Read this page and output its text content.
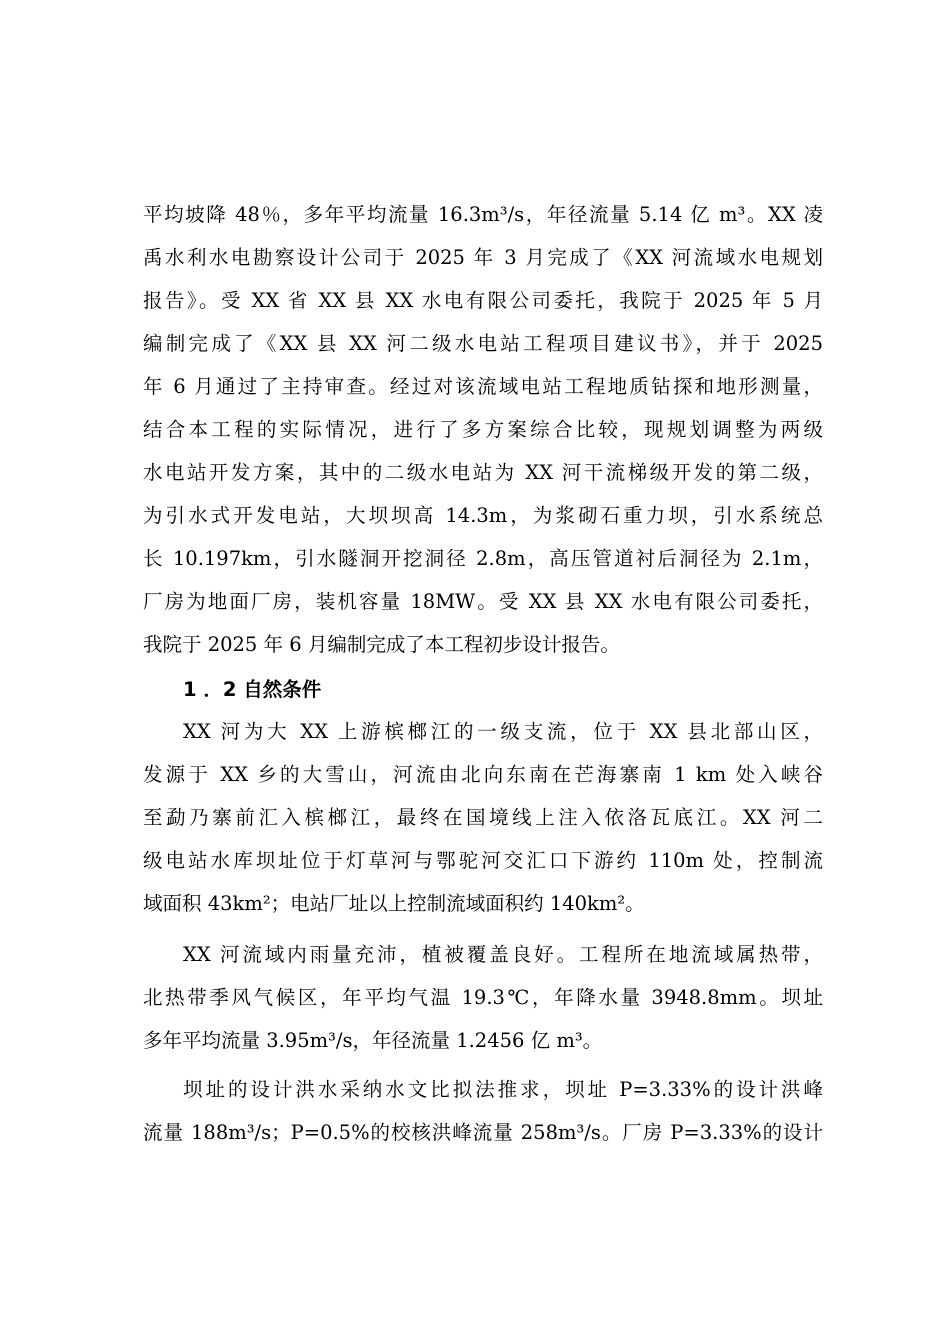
平均坡降 48％，多年平均流量 16.3m³/s，年径流量 5.14 亿 m³。XX 凌
禹水利水电勘察设计公司于 2025 年 3 月完成了《XX 河流域水电规划
报告》。受 XX 省 XX 县 XX 水电有限公司委托，我院于 2025 年 5 月
编制完成了《XX 县 XX 河二级水电站工程项目建议书》，并于 2025
年 6 月通过了主持审查。经过对该流域电站工程地质钻探和地形测量，
结合本工程的实际情况，进行了多方案综合比较，现规划调整为两级
水电站开发方案，其中的二级水电站为 XX 河干流梯级开发的第二级，
为引水式开发电站，大坝坝高 14.3m，为浆砌石重力坝，引水系统总
长 10.197km，引水隧洞开挖洞径 2.8m，高压管道衬后洞径为 2.1m，
厂房为地面厂房，装机容量 18MW。受 XX 县 XX 水电有限公司委托，
我院于 2025 年 6 月编制完成了本工程初步设计报告。
1 ．2 自然条件
XX 河为大 XX 上游槟榔江的一级支流，位于 XX 县北部山区，
发源于 XX 乡的大雪山，河流由北向东南在芒海寨南 1 km 处入峡谷
至勐乃寨前汇入槟榔江，最终在国境线上注入依洛瓦底江。XX 河二
级电站水库坝址位于灯草河与鄂驼河交汇口下游约 110m 处，控制流
域面积 43km²；电站厂址以上控制流域面积约 140km²。
XX 河流域内雨量充沛，植被覆盖良好。工程所在地流域属热带，
北热带季风气候区，年平均气温 19.3℃，年降水量 3948.8mm。坝址
多年平均流量 3.95m³/s，年径流量 1.2456 亿 m³。
坝址的设计洪水采纳水文比拟法推求，坝址 P=3.33%的设计洪峰
流量 188m³/s；P=0.5%的校核洪峰流量 258m³/s。厂房 P=3.33%的设计
